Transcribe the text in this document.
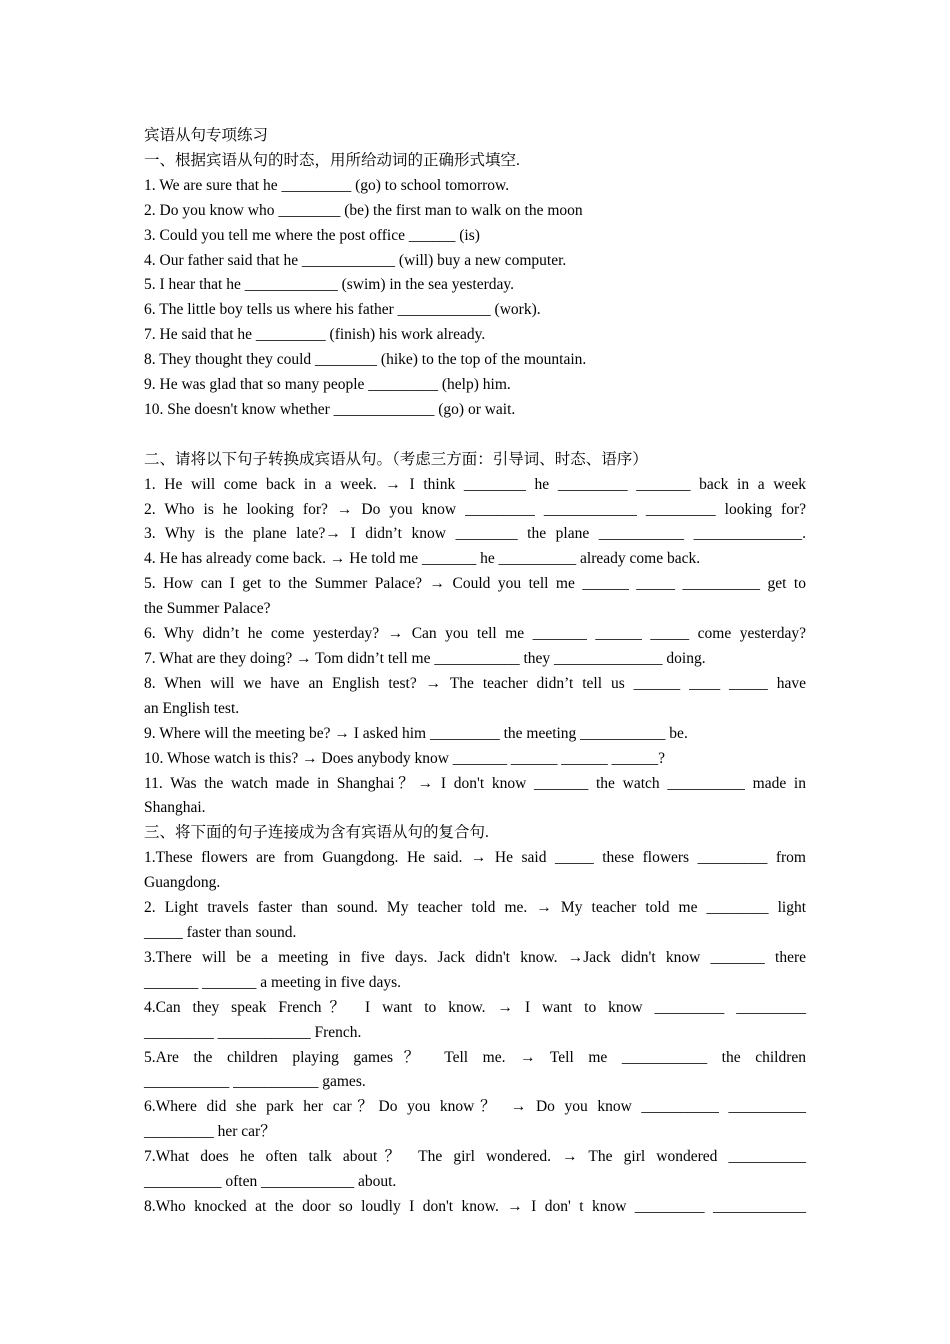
宾语从句专项练习
一、根据宾语从句的时态，用所给动词的正确形式填空.
1. We are sure that he _________ (go) to school tomorrow.
2. Do you know who ________ (be) the first man to walk on the moon
3. Could you tell me where the post office ______ (is)
4. Our father said that he ____________ (will) buy a new computer.
5. I hear that he ____________ (swim) in the sea yesterday.
6. The little boy tells us where his father ____________ (work).
7. He said that he _________ (finish) his work already.
8. They thought they could ________ (hike) to the top of the mountain.
9. He was glad that so many people _________ (help) him.
10. She doesn't know whether _____________ (go) or wait.
二、请将以下句子转换成宾语从句。（考虑三方面：引导词、时态、语序）
1. He will come back in a week. → I think ________ he _________ _______ back in a week
2. Who is he looking for? → Do you know _________ ____________ _________ looking for?
3. Why is the plane late?→ I didn’t know ________ the plane ___________ ______________.
4. He has already come back. → He told me _______ he __________ already come back.
5. How can I get to the Summer Palace? → Could you tell me ______ _____ __________ get to
the Summer Palace?
6. Why didn’t he come yesterday? → Can you tell me _______ ______ _____ come yesterday?
7. What are they doing? → Tom didn’t tell me ___________ they ______________ doing.
8. When will we have an English test? → The teacher didn’t tell us ______ ____ _____ have
an English test.
9. Where will the meeting be? → I asked him _________ the meeting ___________ be.
10. Whose watch is this? → Does anybody know _______ ______ ______ ______?
11. Was the watch made in Shanghai？→ I don't know _______ the watch __________ made in
Shanghai.
三、将下面的句子连接成为含有宾语从句的复合句.
1.These flowers are from Guangdong. He said. → He said _____ these flowers _________ from
Guangdong.
2. Light travels faster than sound. My teacher told me. → My teacher told me ________ light
_____ faster than sound.
3.There will be a meeting in five days. Jack didn't know. →Jack didn't know _______ there
_______ _______ a meeting in five days.
4.Can they speak French？ I want to know. → I want to know _________ _________
_________ ____________ French.
5.Are the children playing games？ Tell me. → Tell me ___________ the children
___________ ___________ games.
6.Where did she park her car？Do you know？ → Do you know __________ __________
_________ her car？
7.What does he often talk about？ The girl wondered. → The girl wondered __________
__________ often ____________ about.
8.Who knocked at the door so loudly I don't know. → I don' t know _________ ____________
